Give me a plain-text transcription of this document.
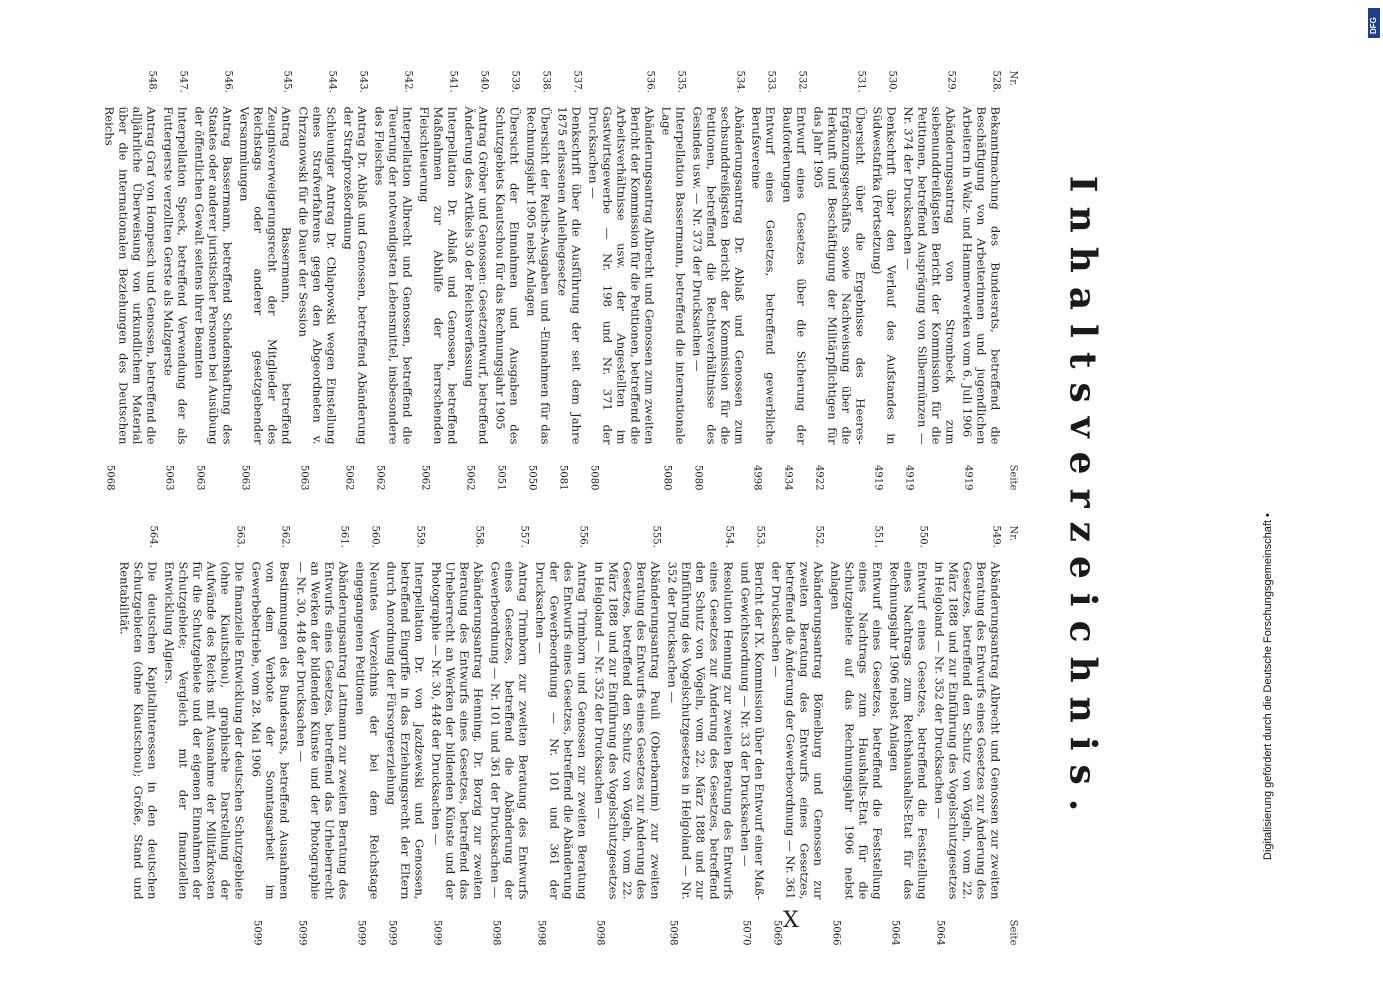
Inhaltsverzeichnis.
Nr.
Seite
528.
Bekanntmachung des Bundesrats, betreffend die Beschäftigung von Arbeiterinnen und jugendlichen Arbeitern in Walz- und Hammerwerken vom 6. Juli 1906
4919
529.
Abänderungsantrag von Strombeck zum siebenunddreißigsten Bericht der Kommission für die Petitionen, betreffend Ausprägung von Silbermünzen — Nr. 374 der Drucksachen —
4919
530.
Denkschrift über den Verlauf des Aufstandes in Südwestafrika (Fortsetzung)
4919
531.
Übersicht über die Ergebnisse des Heeres-Ergänzungsgeschäfts sowie Nachweisung über die Herkunft und Beschäftigung der Militärpflichtigen für das Jahr 1905
4922
532.
Entwurf eines Gesetzes über die Sicherung der Bauforderungen
4934
533.
Entwurf eines Gesetzes, betreffend gewerbliche Berufsvereine
4998
534.
Abänderungsantrag Dr. Ablaß und Genossen zum sechsunddreißigsten Bericht der Kommission für die Petitionen, betreffend die Rechtsverhältnisse des Gesindes usw. — Nr. 373 der Drucksachen —
5080
535.
Interpellation Bassermann, betreffend die internationale Lage
5080
536.
Abänderungsantrag Albrecht und Genossen zum zweiten Bericht der Kommission für die Petitionen, betreffend die Arbeitsverhältnisse usw. der Angestellten im Gastwirtsgewerbe — Nr. 198 und Nr. 371 der Drucksachen —
5080
537.
Denkschrift über die Ausführung der seit dem Jahre 1875 erlassenen Anleihegesetze
5081
538.
Übersicht der Reichs-Ausgaben und -Einnahmen für das Rechnungsjahr 1905 nebst Anlagen
5050
539.
Übersicht der Einnahmen und Ausgaben des Schutzgebiets Kiautschou für das Rechnungsjahr 1905
5051
540.
Antrag Gröber und Genossen: Gesetzentwurf, betreffend Änderung des Artikels 30 der Reichsverfassung
5062
541.
Interpellation Dr. Ablaß und Genossen, betreffend Maßnahmen zur Abhilfe der herrschenden Fleischteuerung
5062
542.
Interpellation Albrecht und Genossen, betreffend die Teuerung der notwendigsten Lebensmittel, insbesondere des Fleisches
5062
543.
Antrag Dr. Ablaß und Genossen, betreffend Abänderung der Strafprozeßordnung
5062
544.
Schleuniger Antrag Dr. Chlapowski wegen Einstellung eines Strafverfahrens gegen den Abgeordneten v. Chrzanowski für die Dauer der Session
5063
545.
Antrag Bassermann, betreffend Zeugnisverweigerungsrecht der Mitglieder des Reichstags oder anderer gesetzgebender Versammlungen
5063
546.
Antrag Bassermann, betreffend Schadenshaftung des Staates oder anderer juristischer Personen bei Ausübung der öffentlichen Gewalt seitens ihrer Beamten
5063
547.
Interpellation Speck, betreffend Verwendung der als Futtergerste verzollten Gerste als Malzgerste
5063
548.
Antrag Graf von Hompesch und Genossen, betreffend die alljährliche Überweisung von urkundlichem Material über die internationalen Beziehungen des Deutschen Reichs
5068
Nr.
Seite
549.
Abänderungsantrag Albrecht und Genossen zur zweiten Beratung des Entwurfs eines Gesetzes zur Änderung des Gesetzes, betreffend den Schutz von Vögeln, vom 22. März 1888 und zur Einführung des Vogelschutzgesetzes in Helgoland — Nr. 352 der Drucksachen —
5064
550.
Entwurf eines Gesetzes, betreffend die Feststellung eines Nachtrags zum Reichshaushalts-Etat für das Rechnungsjahr 1906 nebst Anlagen
5064
551.
Entwurf eines Gesetzes, betreffend die Feststellung eines Nachtrags zum Haushalts-Etat für die Schutzgebiete auf das Rechnungsjahr 1906 nebst Anlagen
5066
552.
Abänderungsantrag Bömelburg und Genossen zur zweiten Beratung des Entwurfs eines Gesetzes, betreffend die Änderung der Gewerbeordnung — Nr. 361 der Drucksachen —
5069
553.
Bericht der IX. Kommission über den Entwurf einer Maß- und Gewichtsordnung — Nr. 33 der Drucksachen —
5070
554.
Resolution Henning zur zweiten Beratung des Entwurfs eines Gesetzes zur Änderung des Gesetzes, betreffend den Schutz von Vögeln, vom 22. März 1888 und zur Einführung des Vogelschutzgesetzes in Helgoland — Nr. 352 der Drucksachen —
5098
555.
Abänderungsantrag Pauli (Oberbarnim) zur zweiten Beratung des Entwurfs eines Gesetzes zur Änderung des Gesetzes, betreffend den Schutz von Vögeln, vom 22. März 1888 und zur Einführung des Vogelschutzgesetzes in Helgoland — Nr. 352 der Drucksachen —
5098
556.
Antrag Trimborn und Genossen zur zweiten Beratung des Entwurfs eines Gesetzes, betreffend die Abänderung der Gewerbeordnung — Nr. 101 und 361 der Drucksachen —
5098
557.
Antrag Trimborn zur zweiten Beratung des Entwurfs eines Gesetzes, betreffend die Abänderung der Gewerbeordnung — Nr. 101 und 361 der Drucksachen —
5098
558.
Abänderungsantrag Henning, Dr. Borzig zur zweiten Beratung des Entwurfs eines Gesetzes, betreffend das Urheberrecht an Werken der bildenden Künste und der Photographie — Nr. 30, 448 der Drucksachen —
5099
559.
Interpellation Dr. von Jazdzewski und Genossen, betreffend Eingriffe in das Erziehungsrecht der Eltern durch Anordnung der Fürsorgeerziehung
5099
560.
Neuntes Verzeichnis der bei dem Reichstage eingegangenen Petitionen
5099
561.
Abänderungsantrag Lattmann zur zweiten Beratung des Entwurfs eines Gesetzes, betreffend das Urheberrecht an Werken der bildenden Künste und der Photographie — Nr. 30, 448 der Drucksachen —
5099
562.
Bestimmungen des Bundesrats, betreffend Ausnahmen von dem Verbote der Sonntagsarbeit im Gewerbebetriebe, vom 28. Mai 1906
5099
563.
Die finanzielle Entwicklung der deutschen Schutzgebiete (ohne Kiautschou), graphische Darstellung der Aufwände des Reichs mit Ausnahme der Militärkosten für die Schutzgebiete und der eigenen Einnahmen der Schutzgebiete; Vergleich mit der finanziellen Entwicklung Algiers.
564.
Die deutschen Kapitalinteressen in den deutschen Schutzgebieten (ohne Kiautschou); Größe, Stand und Rentabilität.
X
Digitalisierung gefördert durch die Deutsche Forschungsgemeinschaft •
DFG
